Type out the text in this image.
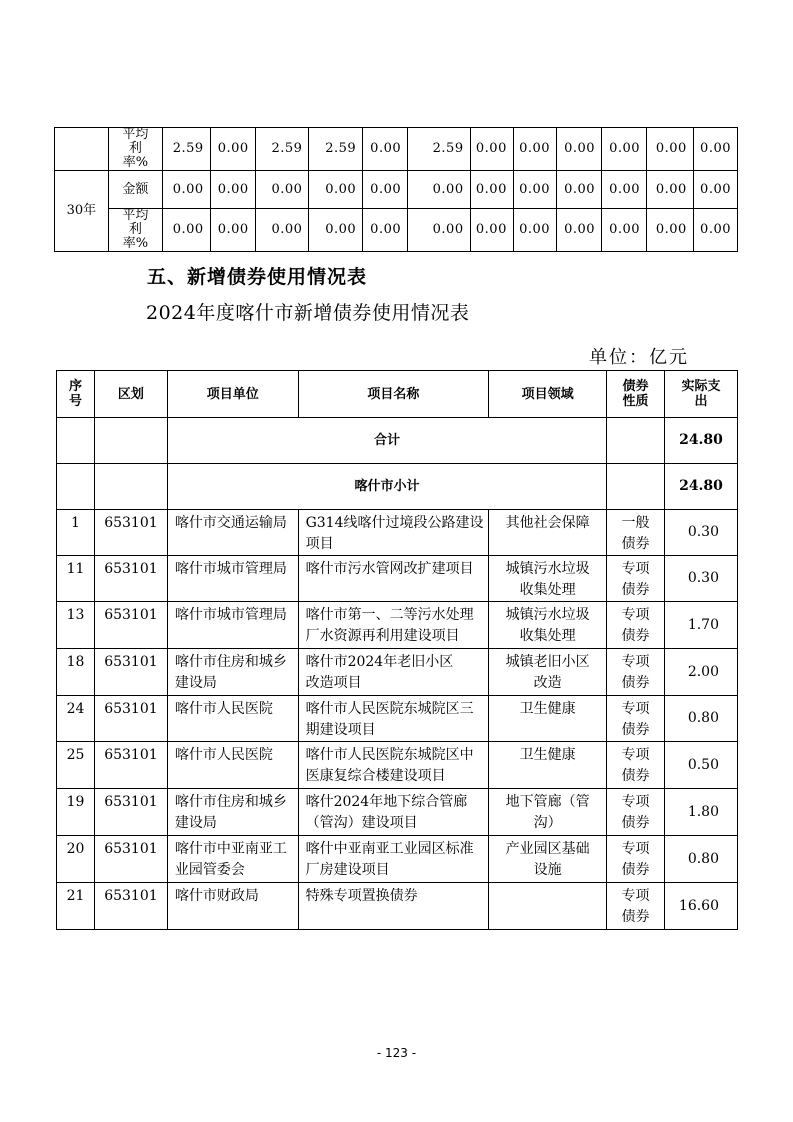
	平均利率%	2.59	0.00	2.59	2.59	0.00	2.59	0.00	0.00	0.00	0.00	0.00	0.00
30年	金额	0.00	0.00	0.00	0.00	0.00	0.00	0.00	0.00	0.00	0.00	0.00	0.00
	平均利率%	0.00	0.00	0.00	0.00	0.00	0.00	0.00	0.00	0.00	0.00	0.00	0.00
五、新增债券使用情况表
2024年度喀什市新增债券使用情况表
单位：亿元
序号	区划	项目单位	项目名称	项目领域	债券性质	实际支出
		合计				24.80
		喀什市小计				24.80
1	653101	喀什市交通运输局	G314线喀什过境段公路建设项目	其他社会保障	一般债券	0.30
11	653101	喀什市城市管理局	喀什市污水管网改扩建项目	城镇污水垃圾收集处理	专项债券	0.30
13	653101	喀什市城市管理局	喀什市第一、二等污水处理厂水资源再利用建设项目	城镇污水垃圾收集处理	专项债券	1.70
18	653101	喀什市住房和城乡建设局	喀什市2024年老旧小区改造项目	城镇老旧小区改造	专项债券	2.00
24	653101	喀什市人民医院	喀什市人民医院东城院区三期建设项目	卫生健康	专项债券	0.80
25	653101	喀什市人民医院	喀什市人民医院东城院区中医康复综合楼建设项目	卫生健康	专项债券	0.50
19	653101	喀什市住房和城乡建设局	喀什2024年地下综合管廊（管沟）建设项目	地下管廊（管沟）	专项债券	1.80
20	653101	喀什市中亚南亚工业园管委会	喀什中亚南亚工业园区标准厂房建设项目	产业园区基础设施	专项债券	0.80
21	653101	喀什市财政局	特殊专项置换债券		专项债券	16.60
- 123 -
